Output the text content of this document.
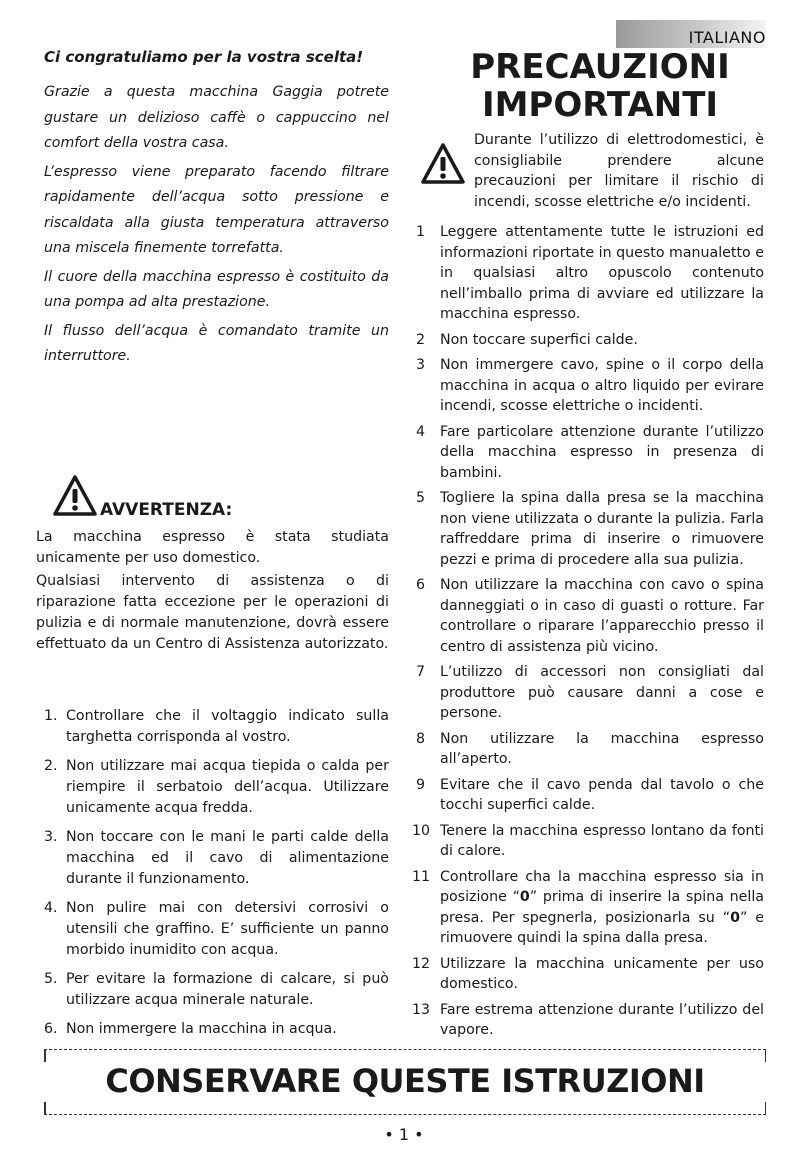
ITALIANO

Ci congratuliamo per la vostra scelta!

Grazie a questa macchina Gaggia potrete gustare un delizioso caffè o cappuccino nel comfort della vostra casa.

L’espresso viene preparato facendo filtrare rapidamente dell’acqua sotto pressione e riscaldata alla giusta temperatura attraverso una miscela finemente torrefatta.

Il cuore della macchina espresso è costituito da una pompa ad alta prestazione.

Il flusso dell’acqua è comandato tramite un interruttore.

AVVERTENZA:

La macchina espresso è stata studiata unicamente per uso domestico.

Qualsiasi intervento di assistenza o di riparazione fatta eccezione per le operazioni di pulizia e di normale manutenzione, dovrà essere effettuato da un Centro di Assistenza autorizzato.

1. Controllare che il voltaggio indicato sulla targhetta corrisponda al vostro.
2. Non utilizzare mai acqua tiepida o calda per riempire il serbatoio dell’acqua. Utilizzare unicamente acqua fredda.
3. Non toccare con le mani le parti calde della macchina ed il cavo di alimentazione durante il funzionamento.
4. Non pulire mai con detersivi corrosivi o utensili che graffino. E’ sufficiente un panno morbido inumidito con acqua.
5. Per evitare la formazione di calcare, si può utilizzare acqua minerale naturale.
6. Non immergere la macchina in acqua.
PRECAUZIONI
IMPORTANTI

Durante l’utilizzo di elettrodomestici, è consigliabile prendere alcune precauzioni per limitare il rischio di incendi, scosse elettriche e/o incidenti.

1 Leggere attentamente tutte le istruzioni ed informazioni riportate in questo manualetto e in qualsiasi altro opuscolo contenuto nell’imballo prima di avviare ed utilizzare la macchina espresso.
2 Non toccare superfici calde.
3 Non immergere cavo, spine o il corpo della macchina in acqua o altro liquido per evirare incendi, scosse elettriche o incidenti.
4 Fare particolare attenzione durante l’utilizzo della macchina espresso in presenza di bambini.
5 Togliere la spina dalla presa se la macchina non viene utilizzata o durante la pulizia. Farla raffreddare prima di inserire o rimuovere pezzi e prima di procedere alla sua pulizia.
6 Non utilizzare la macchina con cavo o spina danneggiati o in caso di guasti o rotture. Far controllare o riparare l’apparecchio presso il centro di assistenza più vicino.
7 L’utilizzo di accessori non consigliati dal produttore può causare danni a cose e persone.
8 Non utilizzare la macchina espresso all’aperto.
9 Evitare che il cavo penda dal tavolo o che tocchi superfici calde.
10 Tenere la macchina espresso lontano da fonti di calore.
11 Controllare cha la macchina espresso sia in posizione “0” prima di inserire la spina nella presa. Per spegnerla, posizionarla su “0” e rimuovere quindi la spina dalla presa.
12 Utilizzare la macchina unicamente per uso domestico.
13 Fare estrema attenzione durante l’utilizzo del vapore.
CONSERVARE QUESTE ISTRUZIONI
• 1 •
